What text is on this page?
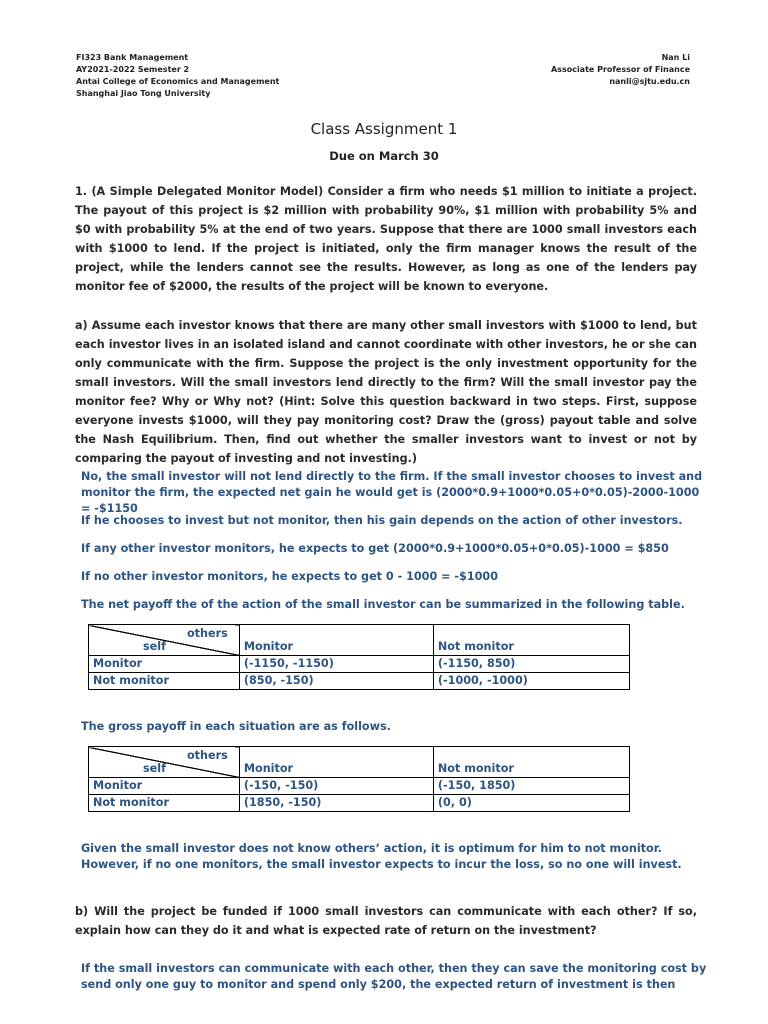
FI323 Bank Management
AY2021-2022 Semester 2
Antai College of Economics and Management
Shanghai Jiao Tong University
Nan Li
Associate Professor of Finance
nanli@sjtu.edu.cn
Class Assignment 1
Due on March 30
1. (A Simple Delegated Monitor Model) Consider a firm who needs $1 million to initiate a project. The payout of this project is $2 million with probability 90%, $1 million with probability 5% and $0 with probability 5% at the end of two years. Suppose that there are 1000 small investors each with $1000 to lend. If the project is initiated, only the firm manager knows the result of the project, while the lenders cannot see the results. However, as long as one of the lenders pay monitor fee of $2000, the results of the project will be known to everyone.
a) Assume each investor knows that there are many other small investors with $1000 to lend, but each investor lives in an isolated island and cannot coordinate with other investors, he or she can only communicate with the firm. Suppose the project is the only investment opportunity for the small investors. Will the small investors lend directly to the firm? Will the small investor pay the monitor fee? Why or Why not? (Hint: Solve this question backward in two steps. First, suppose everyone invests $1000, will they pay monitoring cost? Draw the (gross) payout table and solve the Nash Equilibrium. Then, find out whether the smaller investors want to invest or not by comparing the payout of investing and not investing.)
No, the small investor will not lend directly to the firm. If the small investor chooses to invest and monitor the firm, the expected net gain he would get is (2000*0.9+1000*0.05+0*0.05)-2000-1000 = -$1150
If he chooses to invest but not monitor, then his gain depends on the action of other investors.
If any other investor monitors, he expects to get (2000*0.9+1000*0.05+0*0.05)-1000 = $850
If no other investor monitors, he expects to get 0 - 1000 = -$1000
The net payoff the of the action of the small investor can be summarized in the following table.
others
self	Monitor	Not monitor
Monitor	(-1150, -1150)	(-1150, 850)
Not monitor	(850, -150)	(-1000, -1000)
The gross payoff in each situation are as follows.
others
self	Monitor	Not monitor
Monitor	(-150, -150)	(-150, 1850)
Not monitor	(1850, -150)	(0, 0)
Given the small investor does not know others’ action, it is optimum for him to not monitor. However, if no one monitors, the small investor expects to incur the loss, so no one will invest.
b) Will the project be funded if 1000 small investors can communicate with each other? If so, explain how can they do it and what is expected rate of return on the investment?
If the small investors can communicate with each other, then they can save the monitoring cost by send only one guy to monitor and spend only $200, the expected return of investment is then
